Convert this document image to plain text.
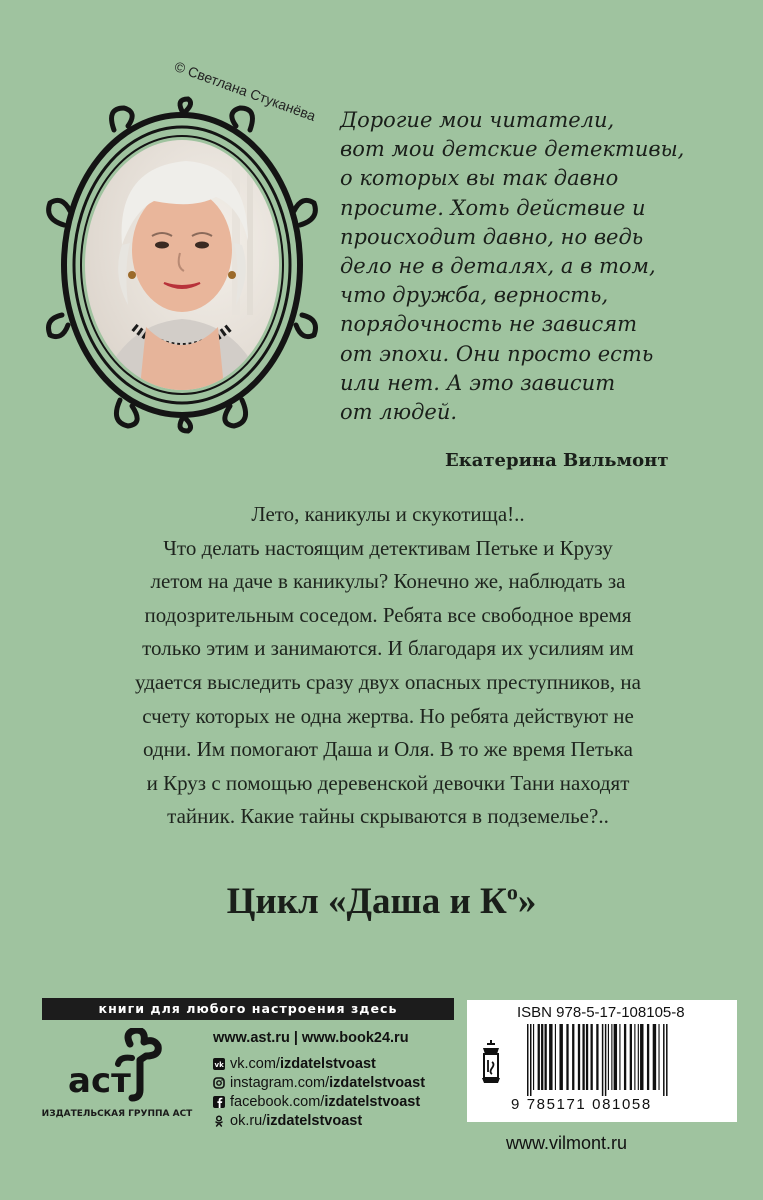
© Светлана Стуканёва Дорогие мои читатели,
вот мои детские детективы,
о которых вы так давно
просите. Хоть действие и
происходит давно, но ведь
дело не в деталях, а в том,
что дружба, верность,
порядочность не зависят
от эпохи. Они просто есть
или нет. А это зависит
от людей.
Екатерина Вильмонт
Лето, каникулы и скукотища!..
Что делать настоящим детективам Петьке и Крузу
летом на даче в каникулы? Конечно же, наблюдать за
подозрительным соседом. Ребята все свободное время
только этим и занимаются. И благодаря их усилиям им
удается выследить сразу двух опасных преступников, на
счету которых не одна жертва. Но ребята действуют не
одни. Им помогают Даша и Оля. В то же время Петька
и Круз с помощью деревенской девочки Тани находят
тайник. Какие тайны скрываются в подземелье?..
Цикл «Даша и $К^о$»
книги для любого настроения здесь
аст
ИЗДАТЕЛЬСКАЯ ГРУППА АСТ
www.ast.ru | www.book24.ru
vk vk.com/ izdatelstvoast
instagram.com/ izdatelstvoast
facebook.com/ izdatelstvoast
ok.ru/ izdatelstvoast
ISBN 978-5-17-108105-8
9 785171 081058
www.vilmont.ru
